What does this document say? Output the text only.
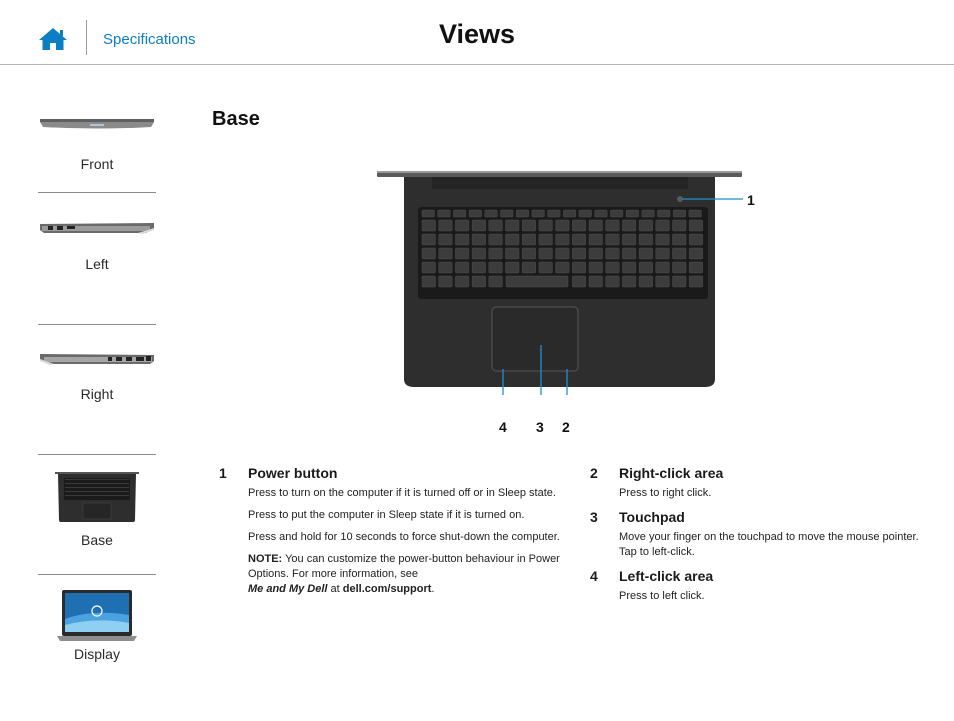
Specifications	Views
Front
Left
Right
Base
Display
Base
1
4 3 2
1 Power button

Press to turn on the computer if it is turned off or in Sleep state.

Press to put the computer in Sleep state if it is turned on.

Press and hold for 10 seconds to force shut-down the computer.

NOTE: You can customize the power-button behaviour in Power Options. For more information, see
Me and My Dell at dell.com/support.

2 Right-click area

Press to right click.

3 Touchpad

Move your finger on the touchpad to move the mouse pointer. Tap to left-click.

4 Left-click area

Press to left click.
